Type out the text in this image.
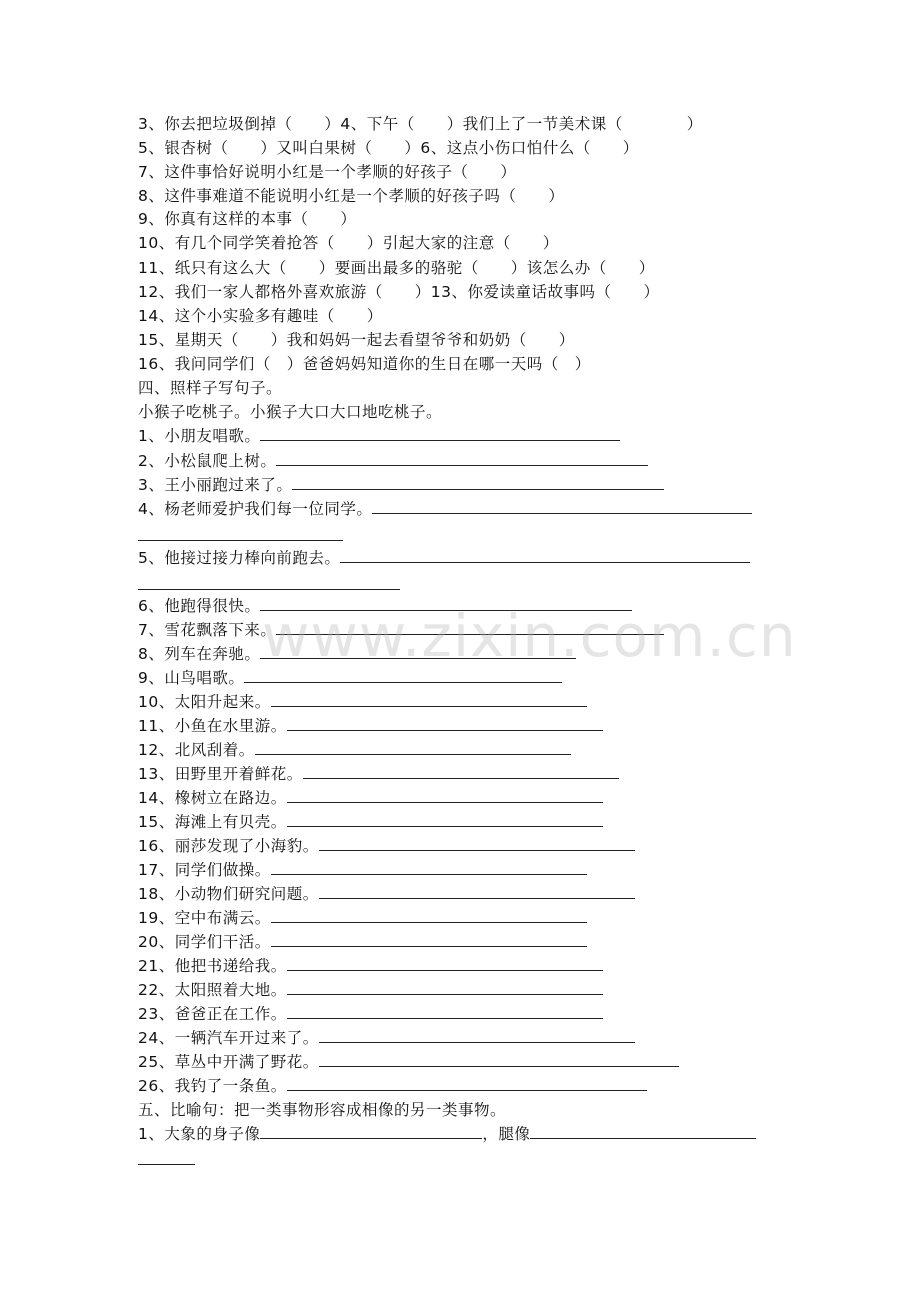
3、你去把垃圾倒掉（　　）4、下午（　　）我们上了一节美术课（　　　　）
5、银杏树（　　）又叫白果树（　　）6、这点小伤口怕什么（　　）
7、这件事恰好说明小红是一个孝顺的好孩子（　　）
8、这件事难道不能说明小红是一个孝顺的好孩子吗（　　）
9、你真有这样的本事（　　）
10、有几个同学笑着抢答（　　）引起大家的注意（　　）
11、纸只有这么大（　　）要画出最多的骆驼（　　）该怎么办（　　）
12、我们一家人都格外喜欢旅游（　　）13、你爱读童话故事吗（　　）
14、这个小实验多有趣哇（　　）
15、星期天（　　）我和妈妈一起去看望爷爷和奶奶（　　）
16、我问同学们（　）爸爸妈妈知道你的生日在哪一天吗（　）
四、照样子写句子。
小猴子吃桃子。小猴子大口大口地吃桃子。
1、小朋友唱歌。
2、小松鼠爬上树。
3、王小丽跑过来了。
4、杨老师爱护我们每一位同学。
5、他接过接力棒向前跑去。
6、他跑得很快。
7、雪花飘落下来。
8、列车在奔驰。
9、山鸟唱歌。
10、太阳升起来。
11、小鱼在水里游。
12、北风刮着。
13、田野里开着鲜花。
14、橡树立在路边。
15、海滩上有贝壳。
16、丽莎发现了小海豹。
17、同学们做操。
18、小动物们研究问题。
19、空中布满云。
20、同学们干活。
21、他把书递给我。
22、太阳照着大地。
23、爸爸正在工作。
24、一辆汽车开过来了。
25、草丛中开满了野花。
26、我钓了一条鱼。
五、比喻句：把一类事物形容成相像的另一类事物。
1、大象的身子像	，腿像
www.zixin.com.cn
